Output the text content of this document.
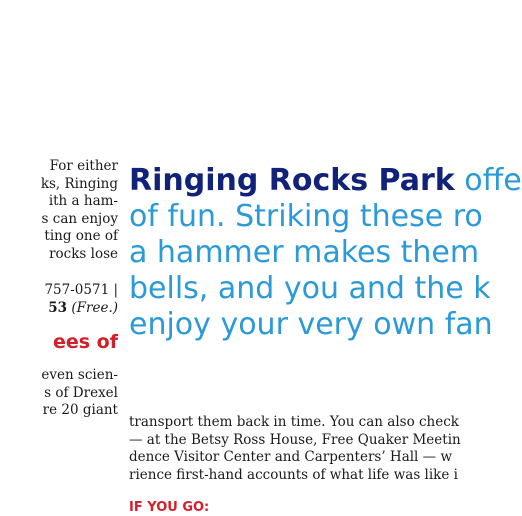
For either
ks, Ringing
ith a ham-
s can enjoy
ting one of
rocks lose
757-0571 |
53 (Free.)
ees of
even scien-
s of Drexel
re 20 giant
Ringing Rocks Park offe
of fun. Striking these ro
a hammer makes them
bells, and you and the k
enjoy your very own fan
transport them back in time. You can also check
— at the Betsy Ross House, Free Quaker Meetin
dence Visitor Center and Carpenters’ Hall — w
rience first-hand accounts of what life was like i
IF YOU GO:
